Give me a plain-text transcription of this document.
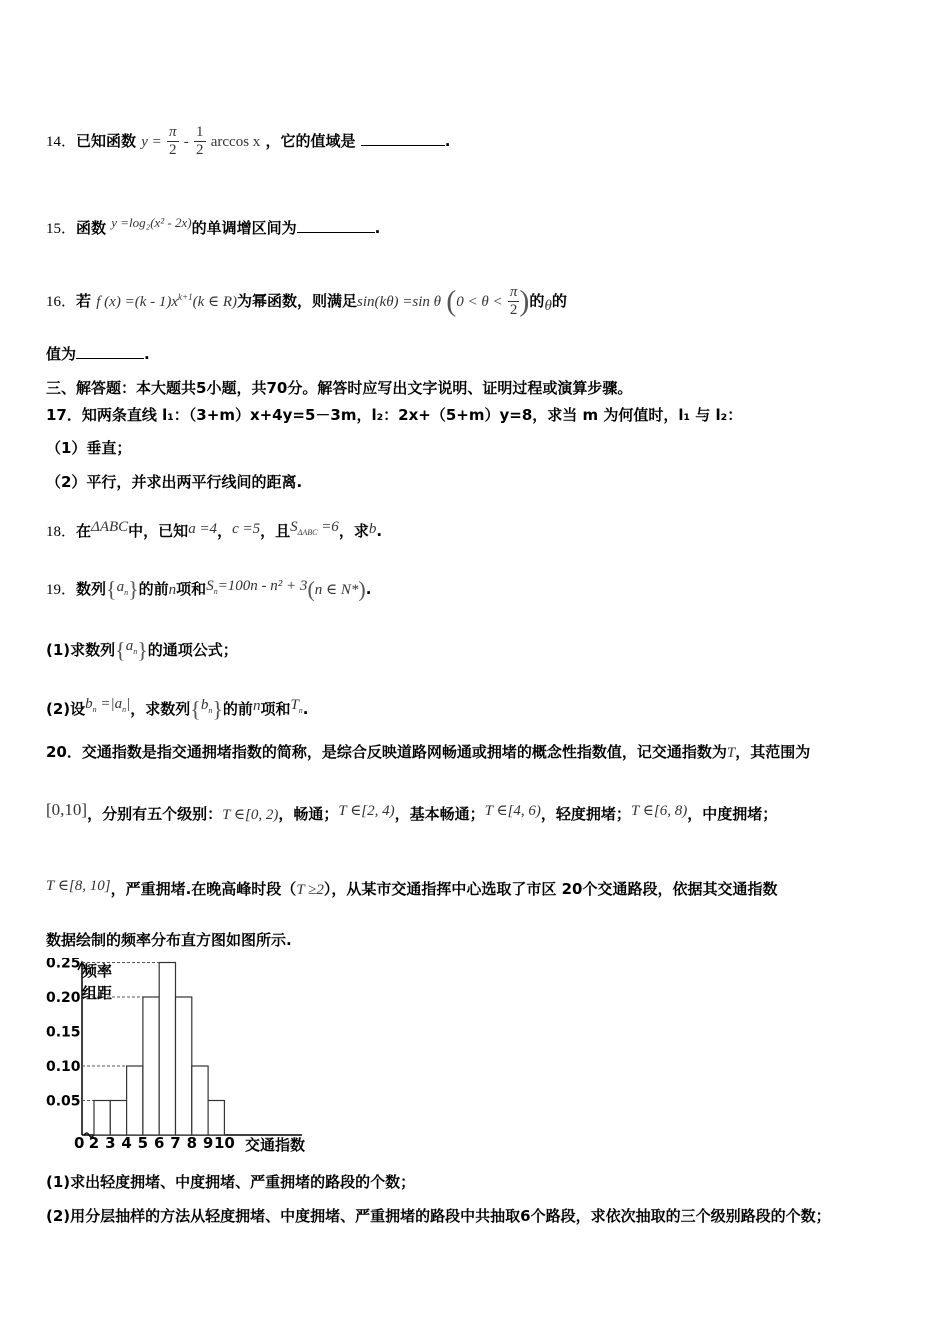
14．已知函数 $y = \frac{\pi}{2} - \frac{1}{2}$ arccos x ，它的值域是	.
15．函数 y =log₂(x² - 2x)的单调增区间为	.
16．若 f $(x) =(k - 1)x^{k+1}(k$ ∈ R)为幂函数，则满足sin(kθ) =sin θ ($0 < \theta < \frac{\pi}{2}$ )的θ的
值为	.
三、解答题：本大题共5小题，共70分。解答时应写出文字说明、证明过程或演算步骤。
17．知两条直线 l₁：（3+m）x+4y=5－3m，l₂：2x+（5+m）y=8，求当 m 为何值时，l₁ 与 l₂：
（1）垂直；
（2）平行，并求出两平行线间的距离.
18．在ΔABC中，已知a =4，c =5，且$S_{\Delta ABC} =6$，求b.
19．数列$\{a_n\}$的前n项和$S_n=100n - n^2 + 3(n$ ∈ N*).
(1)求数列$\{a_n\}$的通项公式；
(2)设$b_n =|a_n|$，求数列$\{b_n\}$的前n项和$T_n$.
20．交通指数是指交通拥堵指数的简称，是综合反映道路网畅通或拥堵的概念性指数值，记交通指数为T，其范围为
[0,10]，分别有五个级别：T ∈[0, 2)，畅通；T ∈[2, 4)，基本畅通；T ∈[4, 6)，轻度拥堵；T ∈[6, 8)，中度拥堵；
T ∈[8, 10]，严重拥堵.在晚高峰时段（T ≥2），从某市交通指挥中心选取了市区 20个交通路段，依据其交通指数
数据绘制的频率分布直方图如图所示.
0.25
0.20
0.15
0.10
0.05
0 2 3 4 5 6 7 8 9 10 交通指数
频率
组距
(1)求出轻度拥堵、中度拥堵、严重拥堵的路段的个数；
(2)用分层抽样的方法从轻度拥堵、中度拥堵、严重拥堵的路段中共抽取6个路段，求依次抽取的三个级别路段的个数；
